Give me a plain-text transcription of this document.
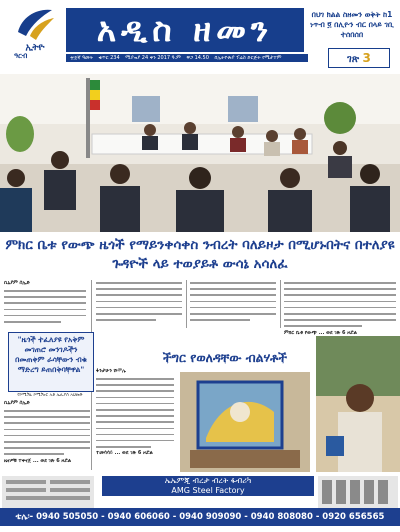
ኢትዮ
ዓርብ
አዲስ ዘመን	በህገ ክልል ስዘመን ወቅት ከ1 ነጥብ ፬ በሊዮን ብር በላይ ገቢ ተሰበሰበ
፹፩ኛ ዓመት ቁጥር 234 ሚያዝያ 24 ቀን 2017 ዓ.ም ዋጋ 14.50 በኢትዮጵያ ፕሬስ ድርጅት የሚታተም	ገጽ 3
ምክር ቤቱ የውጭ ዜጎች የማይንቀሳቀስ ንብረት ባለይዞታ በሚሆኑበትና በተለያዩ ጉዳዮች ላይ ተወያይቶ ውሳኔ አሳለፈ
ቢኒያም ሰኢድ
ምክር ቤቱ የውጭ ... ወደ ገጽ 6 ዞሯል
"ዜጎች ተፈለያዩ የአቅም መገጠሮ መንገዶችን በመጠቀም ራሳቸውን ብቁ ማድረግ ይጠበቅባቸዋል"
የኮሚሽኑ ኮሚሽነር አቶ ኤሊያስ አህመድ
ቢኒያም ሰኢድ
ዜናዎቹ ተቀናጀ ... ወደ ገጽ 6 ዞሯል
ችግር የወለዳቸው ብልሃቶች
ፋንታሁን ሹሞሌ
ተመሳሳይ ... ወደ ገጽ 6 ዞሯል
ኤኤምጂ ብረታ ብረት ፋብሪካ
AMG Steel Factory
ቴሌ፡- 0940 505050 - 0940 606060 - 0940 909090 - 0940 808080 - 0920 656565
